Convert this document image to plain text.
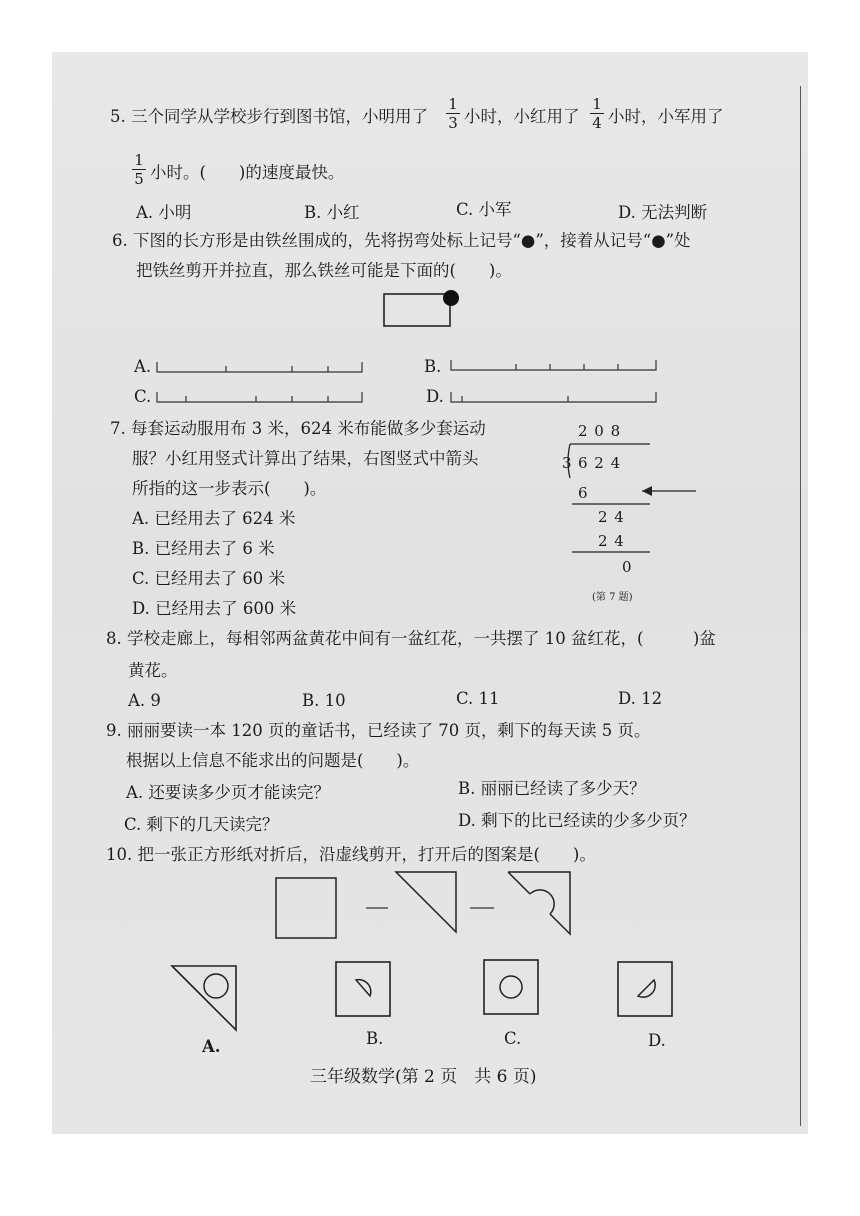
5. 三个同学从学校步行到图书馆，小明用了
1
3 小时，小红用了
1
4 小时，小军用了
1
5 小时。(　　)的速度最快。
A. 小明	B. 小红	C. 小军	D. 无法判断
6. 下图的长方形是由铁丝围成的，先将拐弯处标上记号“●”，接着从记号“●”处
把铁丝剪开并拉直，那么铁丝可能是下面的(　　)。
A.	B.
C.	D.
7. 每套运动服用布 3 米，624 米布能做多少套运动
服？小红用竖式计算出了结果，右图竖式中箭头
所指的这一步表示(　　)。
A. 已经用去了 624 米
B. 已经用去了 6 米
C. 已经用去了 60 米
D. 已经用去了 600 米
2 0 8
3 6 2 4
6
2 4
2 4
0
(第 7 题)
8. 学校走廊上，每相邻两盆黄花中间有一盆红花，一共摆了 10 盆红花，(　　　)盆
黄花。
A. 9	B. 10	C. 11	D. 12
9. 丽丽要读一本 120 页的童话书，已经读了 70 页，剩下的每天读 5 页。
根据以上信息不能求出的问题是(　　)。
A. 还要读多少页才能读完？	B. 丽丽已经读了多少天？
C. 剩下的几天读完？	D. 剩下的比已经读的少多少页？
10. 把一张正方形纸对折后，沿虚线剪开，打开后的图案是(　　)。
A.	B.	C.	D.
三年级数学(第 2 页　共 6 页)
